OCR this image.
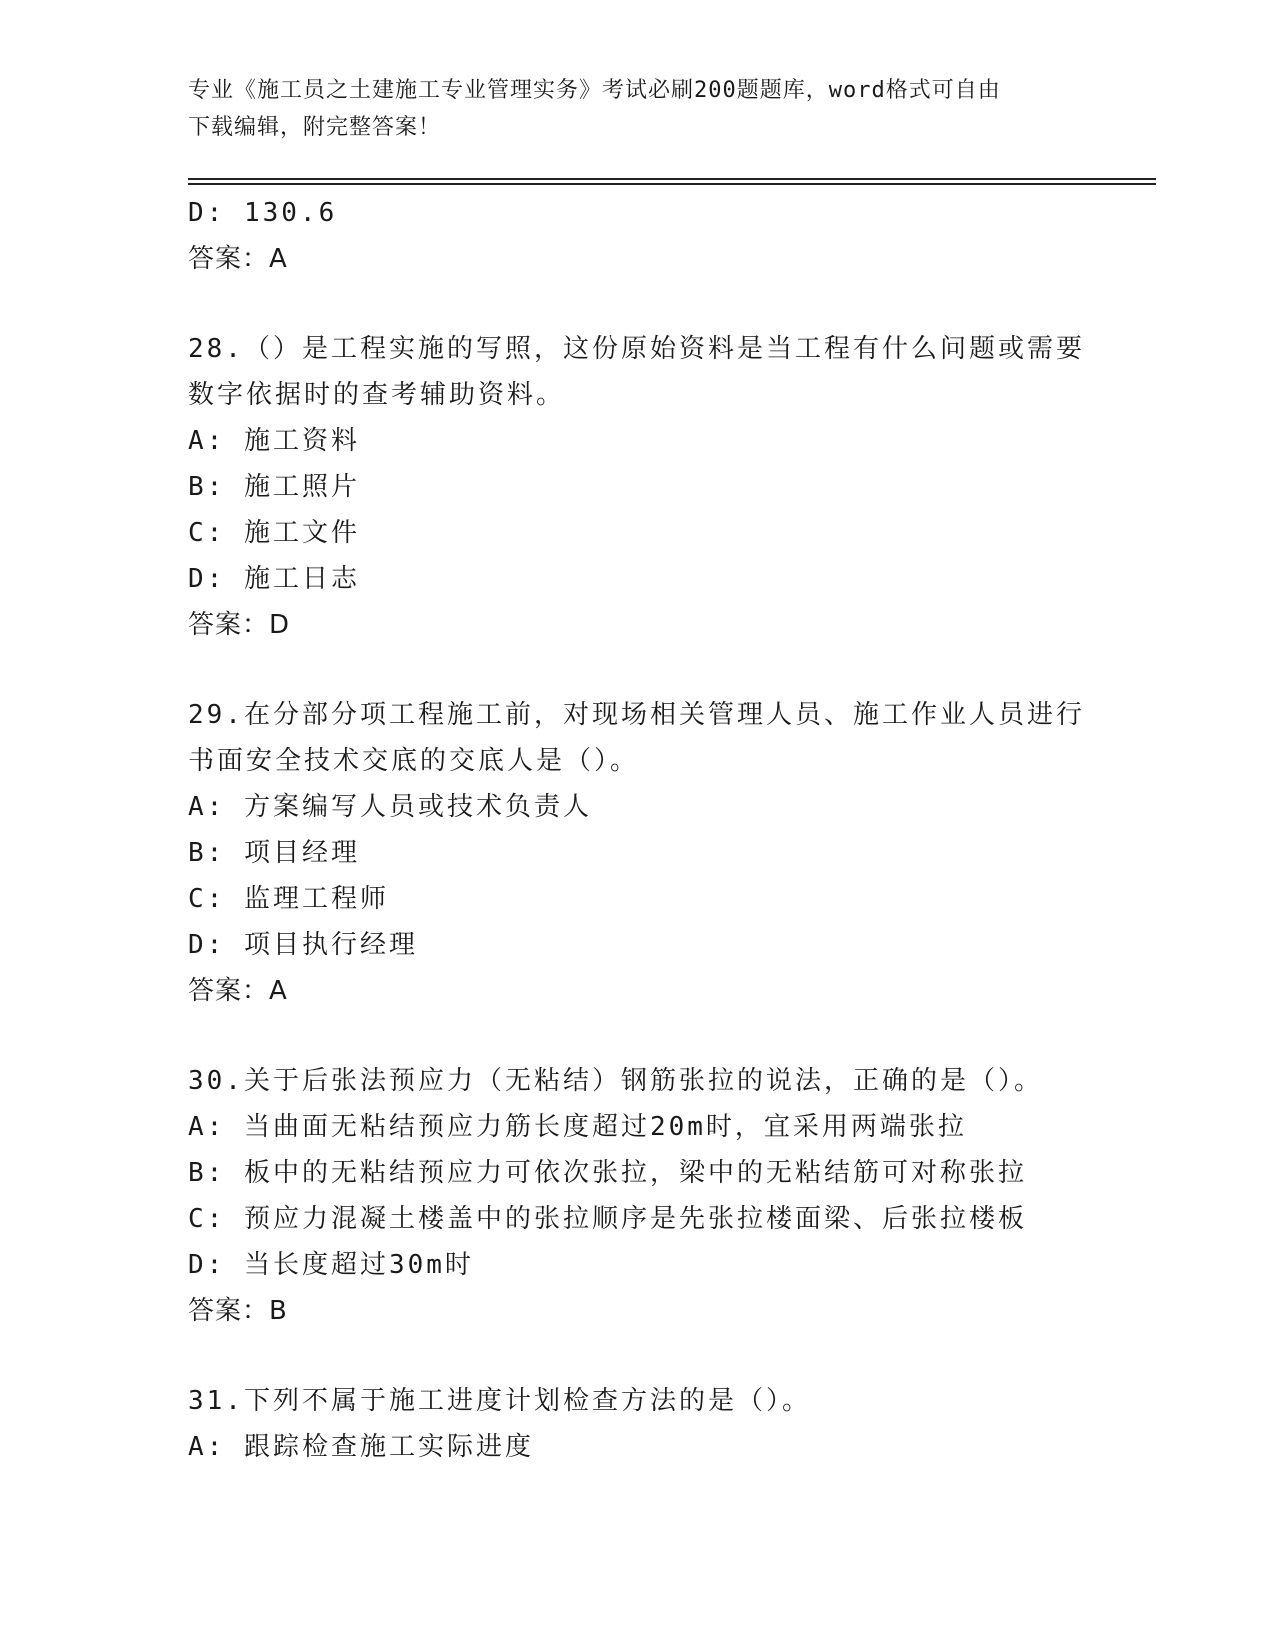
专业《施工员之土建施工专业管理实务》考试必刷200题题库，word格式可自由
下载编辑，附完整答案！
D: 130.6
答案：A
28.（）是工程实施的写照，这份原始资料是当工程有什么问题或需要
数字依据时的查考辅助资料。
A: 施工资料
B: 施工照片
C: 施工文件
D: 施工日志
答案：D
29.在分部分项工程施工前，对现场相关管理人员、施工作业人员进行
书面安全技术交底的交底人是（）。
A: 方案编写人员或技术负责人
B: 项目经理
C: 监理工程师
D: 项目执行经理
答案：A
30.关于后张法预应力（无粘结）钢筋张拉的说法，正确的是（）。
A: 当曲面无粘结预应力筋长度超过20m时，宜采用两端张拉
B: 板中的无粘结预应力可依次张拉，梁中的无粘结筋可对称张拉
C: 预应力混凝土楼盖中的张拉顺序是先张拉楼面梁、后张拉楼板
D: 当长度超过30m时
答案：B
31.下列不属于施工进度计划检查方法的是（）。
A: 跟踪检查施工实际进度
